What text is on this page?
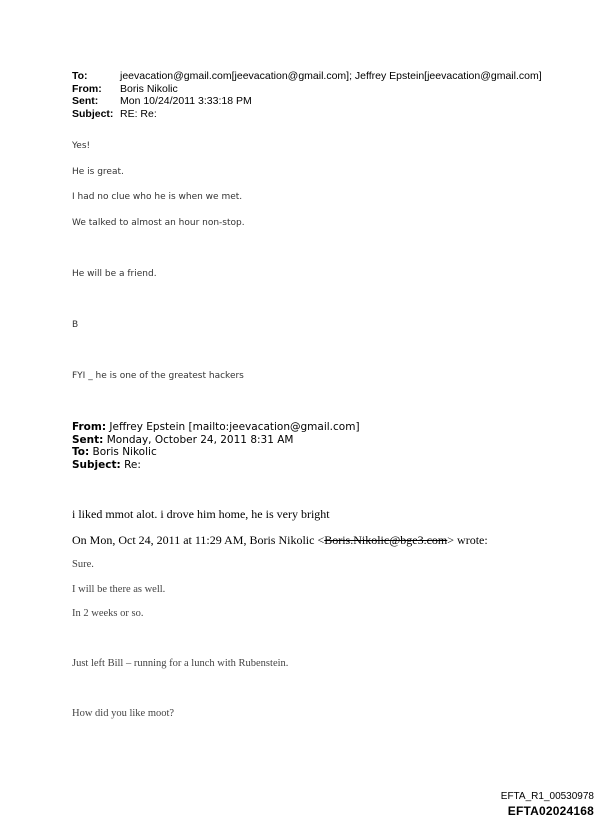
To:	jeevacation@gmail.com[jeevacation@gmail.com]; Jeffrey Epstein[jeevacation@gmail.com]
From:	Boris Nikolic
Sent:	Mon 10/24/2011 3:33:18 PM
Subject: RE: Re:
Yes!
He is great.
I had no clue who he is when we met.
We talked to almost an hour non-stop.
He will be a friend.
B
FYI _ he is one of the greatest hackers
From: Jeffrey Epstein [mailto:jeevacation@gmail.com]
Sent: Monday, October 24, 2011 8:31 AM
To: Boris Nikolic
Subject: Re:
i liked mmot alot. i drove him home, he is very bright
On Mon, Oct 24, 2011 at 11:29 AM, Boris Nikolic <Boris.Nikolic@bge3.com> wrote:
Sure.
I will be there as well.
In 2 weeks or so.
Just left Bill – running for a lunch with Rubenstein.
How did you like moot?
EFTA_R1_00530978
EFTA02024168
